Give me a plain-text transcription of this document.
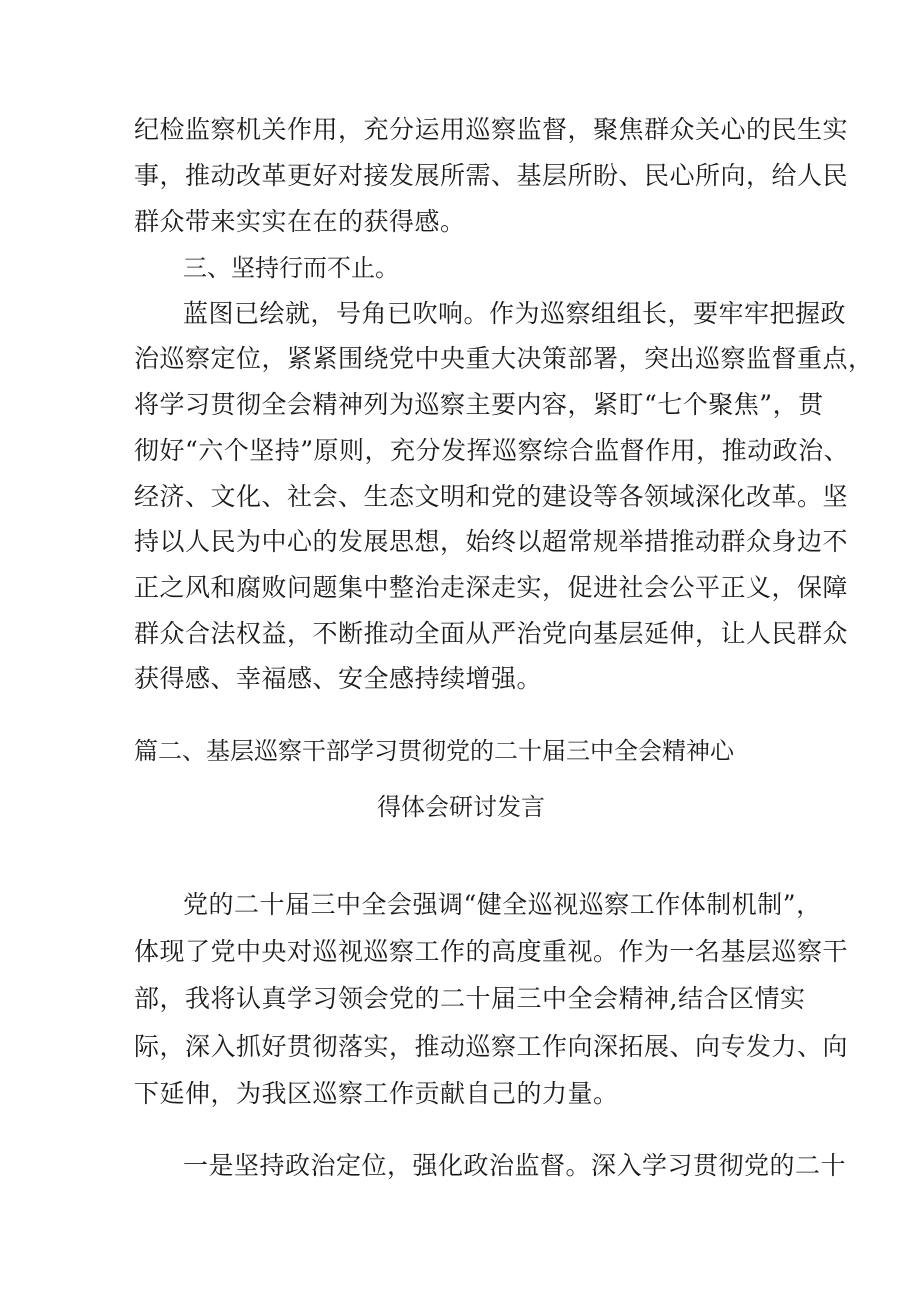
纪检监察机关作用，充分运用巡察监督，聚焦群众关心的民生实
事，推动改革更好对接发展所需、基层所盼、民心所向，给人民
群众带来实实在在的获得感。
三、坚持行而不止。
蓝图已绘就，号角已吹响。作为巡察组组长，要牢牢把握政
治巡察定位，紧紧围绕党中央重大决策部署，突出巡察监督重点，
将学习贯彻全会精神列为巡察主要内容，紧盯“七个聚焦”，贯
彻好“六个坚持”原则，充分发挥巡察综合监督作用，推动政治、
经济、文化、社会、生态文明和党的建设等各领域深化改革。坚
持以人民为中心的发展思想，始终以超常规举措推动群众身边不
正之风和腐败问题集中整治走深走实，促进社会公平正义，保障
群众合法权益，不断推动全面从严治党向基层延伸，让人民群众
获得感、幸福感、安全感持续增强。
篇二、基层巡察干部学习贯彻党的二十届三中全会精神心
得体会研讨发言
党的二十届三中全会强调“健全巡视巡察工作体制机制”，
体现了党中央对巡视巡察工作的高度重视。作为一名基层巡察干
部，我将认真学习领会党的二十届三中全会精神,结合区情实
际，深入抓好贯彻落实，推动巡察工作向深拓展、向专发力、向
下延伸，为我区巡察工作贡献自己的力量。
一是坚持政治定位，强化政治监督。深入学习贯彻党的二十
